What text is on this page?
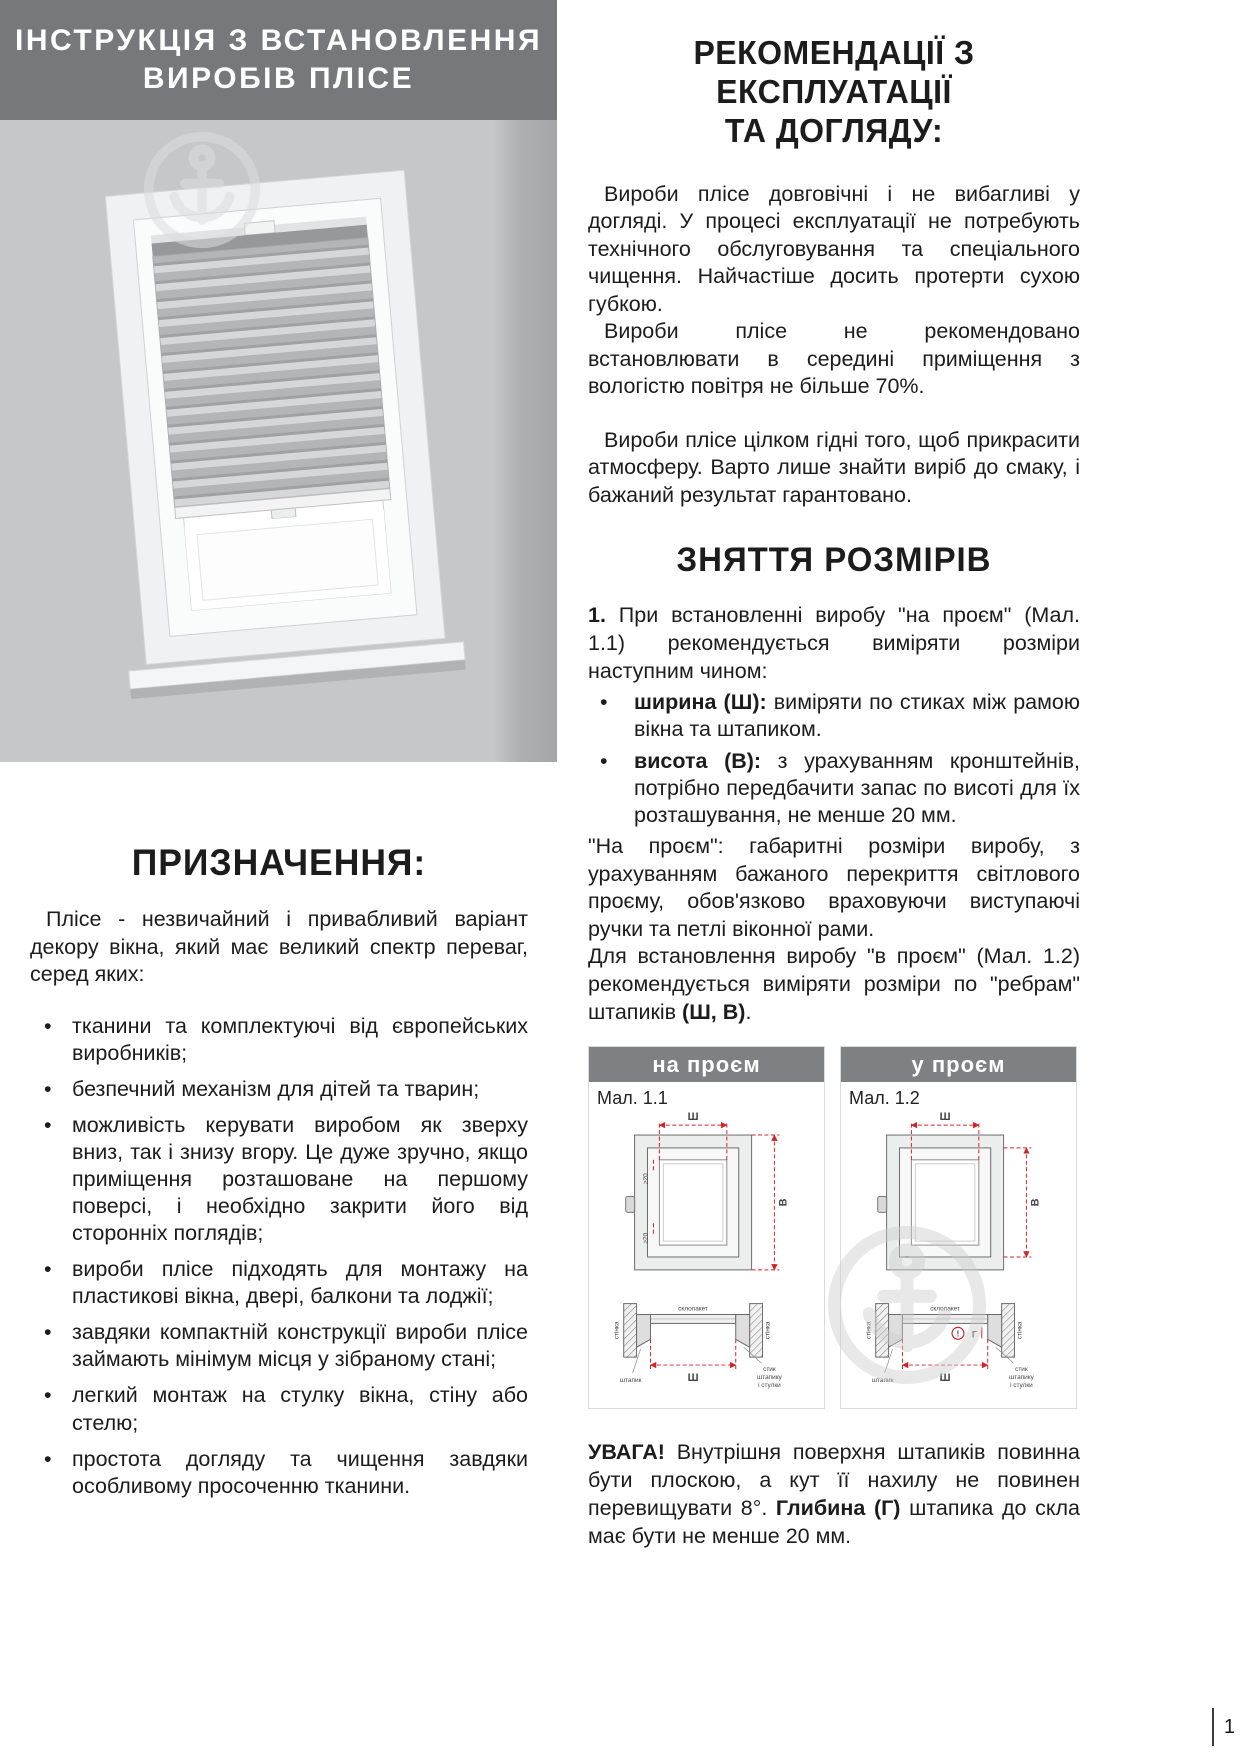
ІНСТРУКЦІЯ З ВСТАНОВЛЕННЯ
ВИРОБІВ ПЛІСЕ
ПРИЗНАЧЕННЯ:

Плісе - незвичайний і привабливий варіант декору вікна, який має великий спектр переваг, серед яких:

• тканини та комплектуючі від європейських виробників;
• безпечний механізм для дітей та тварин;
• можливість керувати виробом як зверху вниз, так і знизу вгору. Це дуже зручно, якщо приміщення розташоване на першому поверсі, і необхідно закрити його від сторонніх поглядів;
• вироби плісе підходять для монтажу на пластикові вікна, двері, балкони та лоджії;
• завдяки компактній конструкції вироби плісе займають мінімум місця у зібраному стані;
• легкий монтаж на стулку вікна, стіну або стелю;
• простота догляду та чищення завдяки особливому просоченню тканини.
РЕКОМЕНДАЦІЇ З ЕКСПЛУАТАЦІЇ
ТА ДОГЛЯДУ:

Вироби плісе довговічні і не вибагливі у догляді. У процесі експлуатації не потребують технічного обслуговування та спеціального чищення. Найчастіше досить протерти сухою губкою.

Вироби плісе не рекомендовано встановлювати в середині приміщення з вологістю повітря не більше 70%.

Вироби плісе цілком гідні того, щоб прикрасити атмосферу. Варто лише знайти виріб до смаку, і бажаний результат гарантовано.

ЗНЯТТЯ РОЗМІРІВ

1. При встановленні виробу "на проєм" (Мал. 1.1) рекомендується виміряти розміри наступним чином:

• ширина (Ш): виміряти по стиках між рамою вікна та штапиком.
• висота (В): з урахуванням кронштейнів, потрібно передбачити запас по висоті для їх розташування, не менше 20 мм.

"На проєм": габаритні розміри виробу, з урахуванням бажаного перекриття світлового проєму, обов'язково враховуючи виступаючі ручки та петлі віконної рами.

Для встановлення виробу "в проєм" (Мал. 1.2) рекомендується виміряти розміри по "ребрам" штапиків (Ш, В).

на проєм
Мал. 1.1
Ш
В
≥20
≥20
стінка	стінка
склопакет
Ш
штапик
стик
штапику
і стулки
у проєм
Мал. 1.2
Ш
В
стінка	стінка
склопакет
! Г
Ш
штапик
стик
штапику
і стулки

УВАГА! Внутрішня поверхня штапиків повинна бути плоскою, а кут її нахилу не повинен перевищувати 8°. Глибина (Г) штапика до скла має бути не менше 20 мм.

1
